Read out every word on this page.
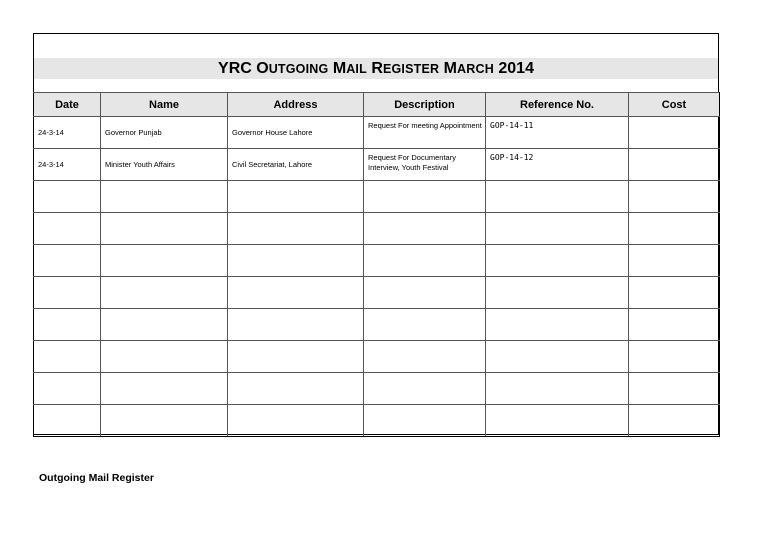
YRC OUTGOING MAIL REGISTER MARCH 2014
Date	Name	Address	Description	Reference No.	Cost
24-3-14	Governor Punjab	Governor House Lahore	Request For meeting Appointment	GOP-14-11	
24-3-14	Minister Youth Affairs	Civil Secretariat, Lahore	Request For Documentary Interview, Youth Festival	GOP-14-12	

Outgoing Mail Register
